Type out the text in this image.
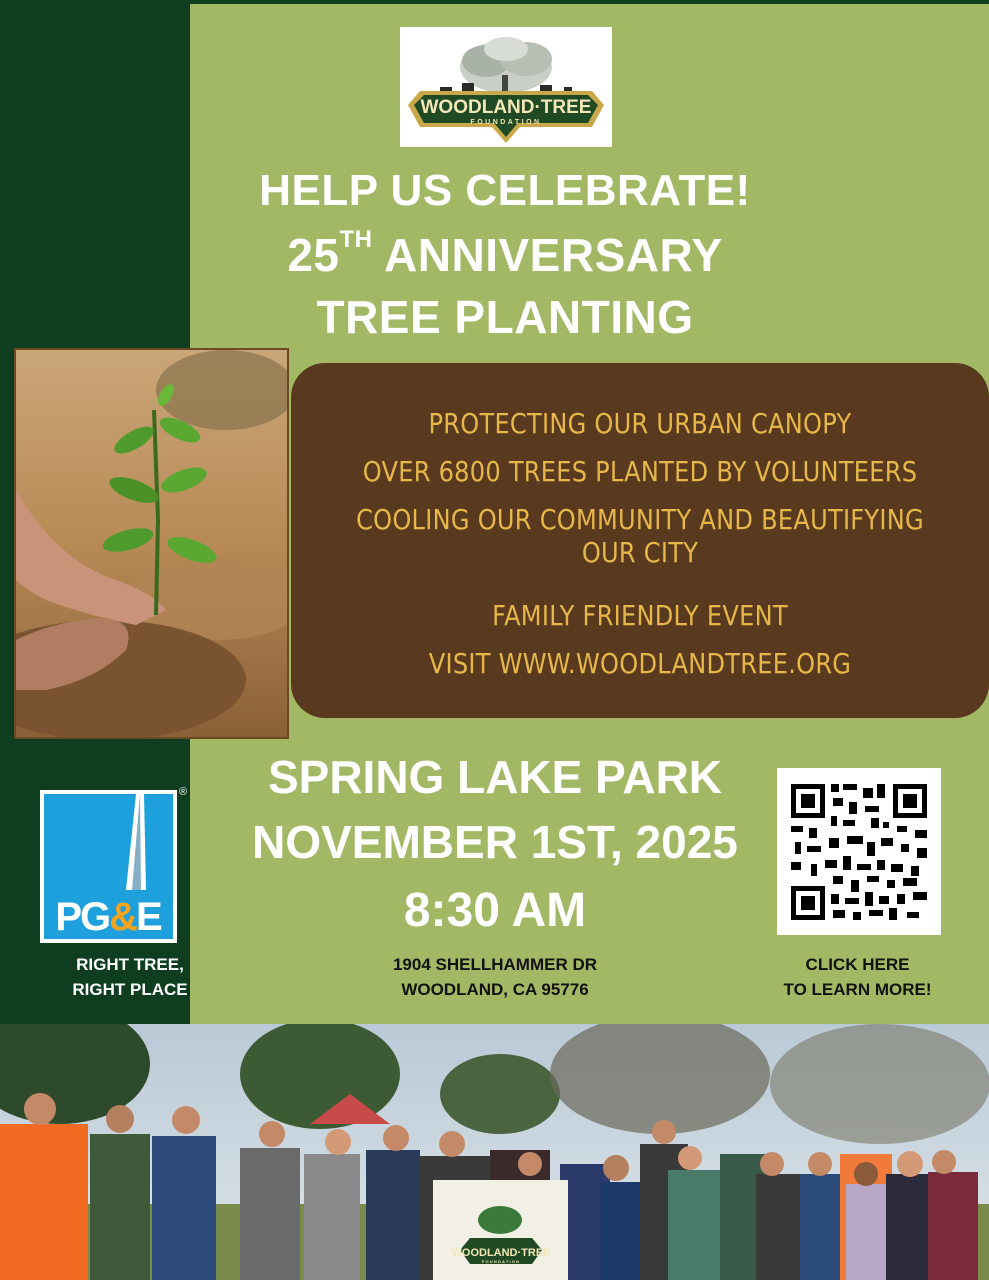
WOODLAND·TREE
FOUNDATION
HELP US CELEBRATE!
25TH ANNIVERSARY
TREE PLANTING
PROTECTING OUR URBAN CANOPY
OVER 6800 TREES PLANTED BY VOLUNTEERS
COOLING OUR COMMUNITY AND BEAUTIFYING OUR CITY
FAMILY FRIENDLY EVENT
VISIT WWW.WOODLANDTREE.ORG
PG&E
®
RIGHT TREE,
RIGHT PLACE
SPRING LAKE PARK
NOVEMBER 1ST, 2025
8:30 AM
1904 SHELLHAMMER DR
WOODLAND, CA 95776
CLICK HERE
TO LEARN MORE!
WOODLAND·TREE
FOUNDATION
